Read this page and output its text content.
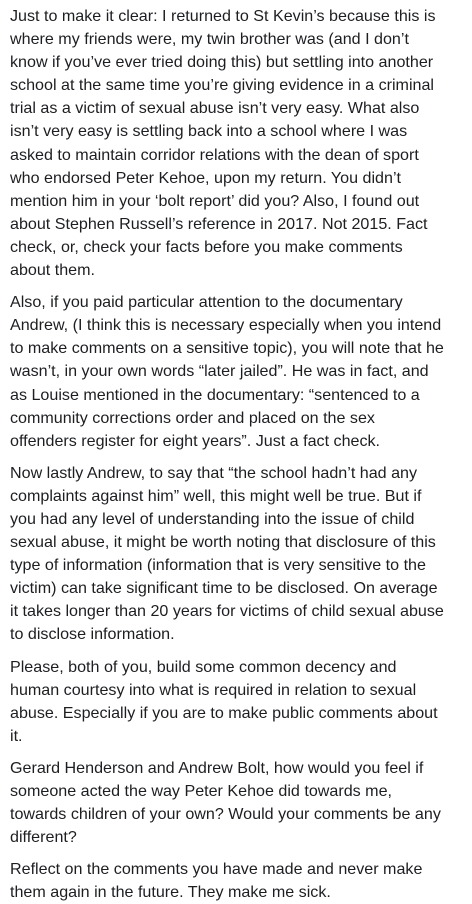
Just to make it clear: I returned to St Kevin’s because this is
where my friends were, my twin brother was (and I don’t
know if you’ve ever tried doing this) but settling into another
school at the same time you’re giving evidence in a criminal
trial as a victim of sexual abuse isn’t very easy. What also
isn’t very easy is settling back into a school where I was
asked to maintain corridor relations with the dean of sport
who endorsed Peter Kehoe, upon my return. You didn’t
mention him in your ‘bolt report’ did you? Also, I found out
about Stephen Russell’s reference in 2017. Not 2015. Fact
check, or, check your facts before you make comments
about them.

Also, if you paid particular attention to the documentary
Andrew, (I think this is necessary especially when you intend
to make comments on a sensitive topic), you will note that he
wasn’t, in your own words “later jailed”. He was in fact, and
as Louise mentioned in the documentary: “sentenced to a
community corrections order and placed on the sex
offenders register for eight years”. Just a fact check.

Now lastly Andrew, to say that “the school hadn’t had any
complaints against him” well, this might well be true. But if
you had any level of understanding into the issue of child
sexual abuse, it might be worth noting that disclosure of this
type of information (information that is very sensitive to the
victim) can take significant time to be disclosed. On average
it takes longer than 20 years for victims of child sexual abuse
to disclose information.

Please, both of you, build some common decency and
human courtesy into what is required in relation to sexual
abuse. Especially if you are to make public comments about
it.

Gerard Henderson and Andrew Bolt, how would you feel if
someone acted the way Peter Kehoe did towards me,
towards children of your own? Would your comments be any
different?

Reflect on the comments you have made and never make
them again in the future. They make me sick.
